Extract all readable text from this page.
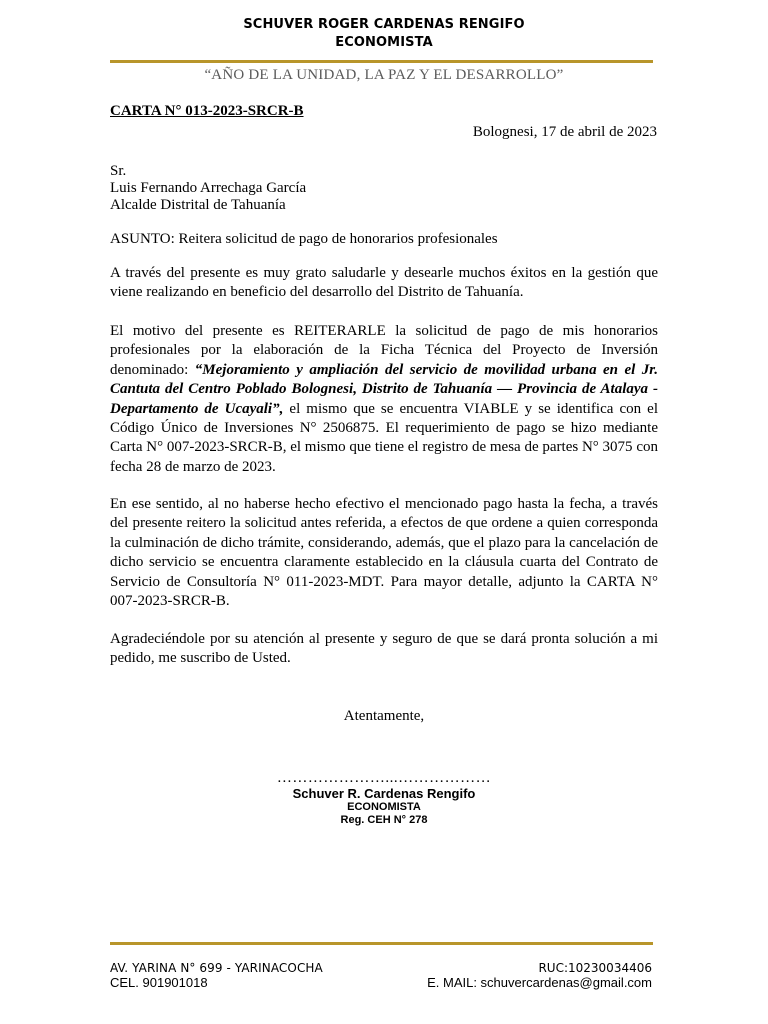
SCHUVER ROGER CARDENAS RENGIFO
ECONOMISTA
“AÑO DE LA UNIDAD, LA PAZ Y EL DESARROLLO”
CARTA N° 013-2023-SRCR-B
Bolognesi, 17 de abril de 2023
Sr.
Luis Fernando Arrechaga García
Alcalde Distrital de Tahuanía
ASUNTO: Reitera solicitud de pago de honorarios profesionales
A través del presente es muy grato saludarle y desearle muchos éxitos en la gestión que viene realizando en beneficio del desarrollo del Distrito de Tahuanía.
El motivo del presente es REITERARLE la solicitud de pago de mis honorarios profesionales por la elaboración de la Ficha Técnica del Proyecto de Inversión denominado: “Mejoramiento y ampliación del servicio de movilidad urbana en el Jr. Cantuta del Centro Poblado Bolognesi, Distrito de Tahuanía — Provincia de Atalaya - Departamento de Ucayali”, el mismo que se encuentra VIABLE y se identifica con el Código Único de Inversiones N° 2506875. El requerimiento de pago se hizo mediante Carta N° 007-2023-SRCR-B, el mismo que tiene el registro de mesa de partes N° 3075 con fecha 28 de marzo de 2023.
En ese sentido, al no haberse hecho efectivo el mencionado pago hasta la fecha, a través del presente reitero la solicitud antes referida, a efectos de que ordene a quien corresponda la culminación de dicho trámite, considerando, además, que el plazo para la cancelación de dicho servicio se encuentra claramente establecido en la cláusula cuarta del Contrato de Servicio de Consultoría N° 011-2023-MDT. Para mayor detalle, adjunto la CARTA N° 007-2023-SRCR-B.
Agradeciéndole por su atención al presente y seguro de que se dará pronta solución a mi pedido, me suscribo de Usted.
Atentamente,
…………………...………………
Schuver R. Cardenas Rengifo
ECONOMISTA
Reg. CEH N° 278
AV. YARINA N° 699 - YARINACOCHA
CEL. 901901018
RUC:10230034406
E. MAIL: schuvercardenas@gmail.com
